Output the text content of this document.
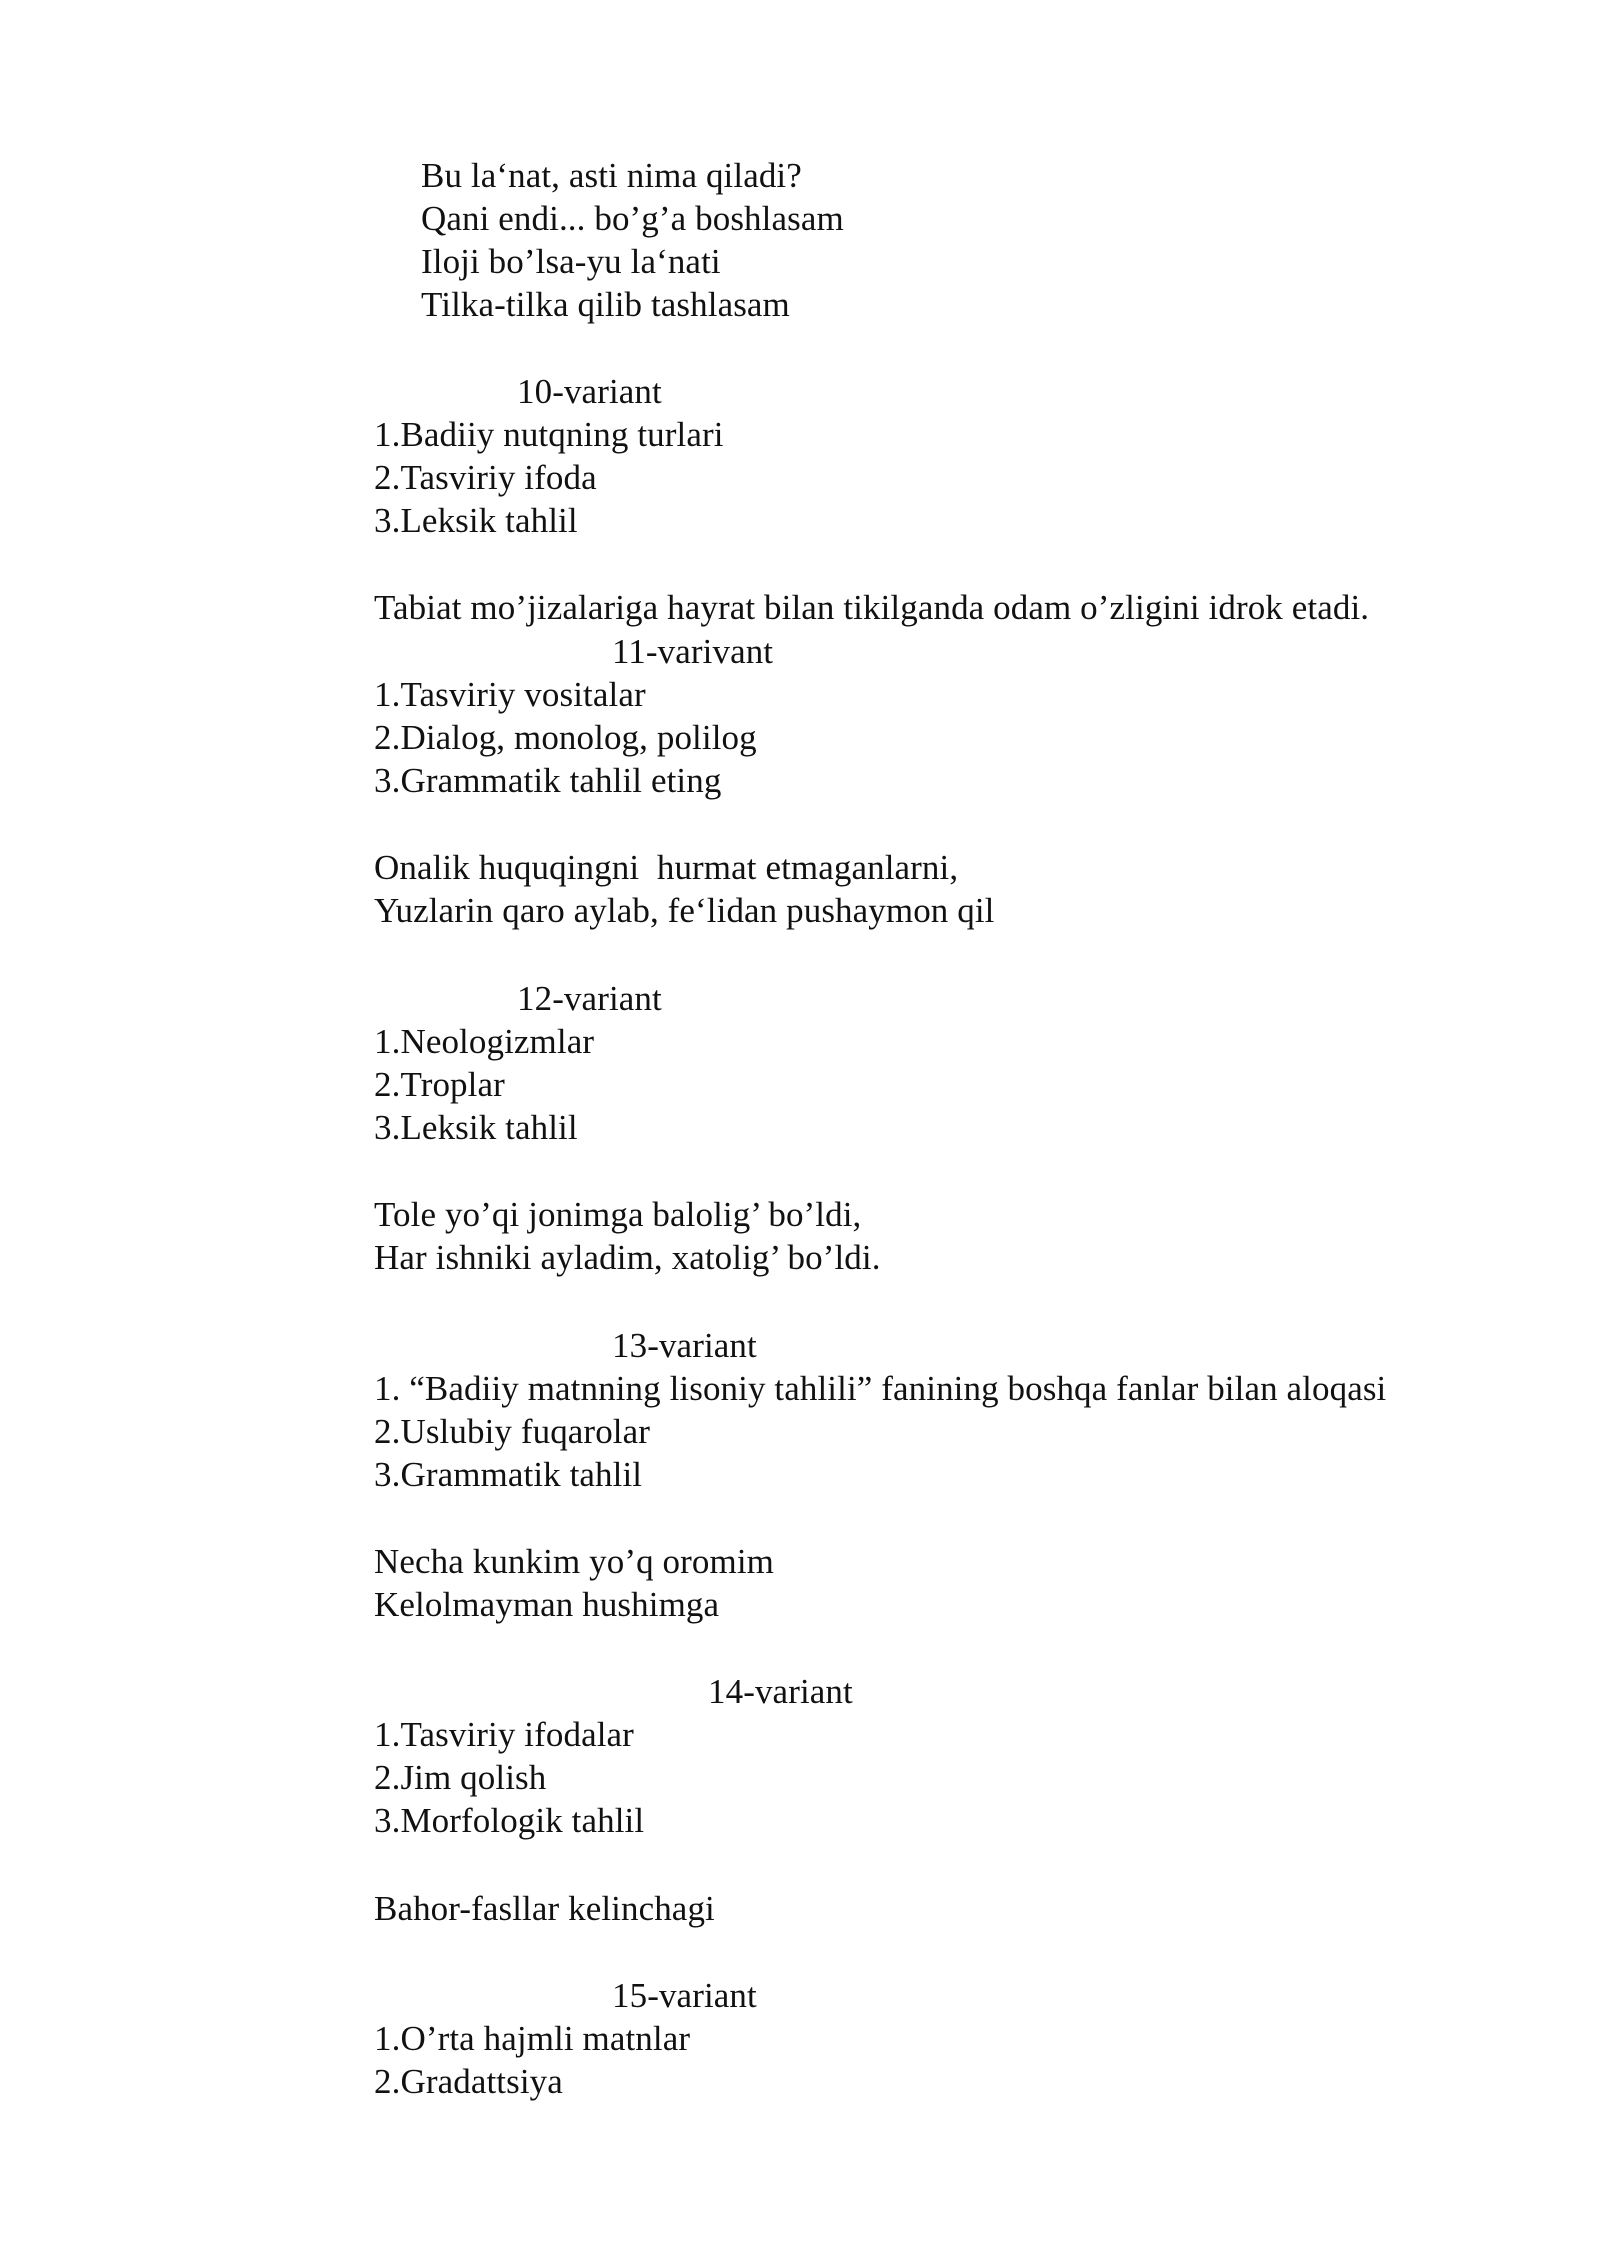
Bu la‘nat, asti nima qiladi?
Qani endi... bo’g’a boshlasam
Iloji bo’lsa-yu la‘nati
Tilka-tilka qilib tashlasam
10-variant
1.Badiiy nutqning turlari
2.Tasviriy ifoda
3.Leksik tahlil
Tabiat mo’jizalariga hayrat bilan tikilganda odam o’zligini idrok etadi.
11-varivant
1.Tasviriy vositalar
2.Dialog, monolog, polilog
3.Grammatik tahlil eting
Onalik huquqingni  hurmat etmaganlarni,
Yuzlarin qaro aylab, fe‘lidan pushaymon qil
12-variant
1.Neologizmlar
2.Troplar
3.Leksik tahlil
Tole yo’qi jonimga balolig’ bo’ldi,
Har ishniki ayladim, xatolig’ bo’ldi.
13-variant
1. “Badiiy matnning lisoniy tahlili” fanining boshqa fanlar bilan aloqasi
2.Uslubiy fuqarolar
3.Grammatik tahlil
Necha kunkim yo’q oromim
Kelolmayman hushimga
14-variant
1.Tasviriy ifodalar
2.Jim qolish
3.Morfologik tahlil
Bahor-fasllar kelinchagi
15-variant
1.O’rta hajmli matnlar
2.Gradattsiya
